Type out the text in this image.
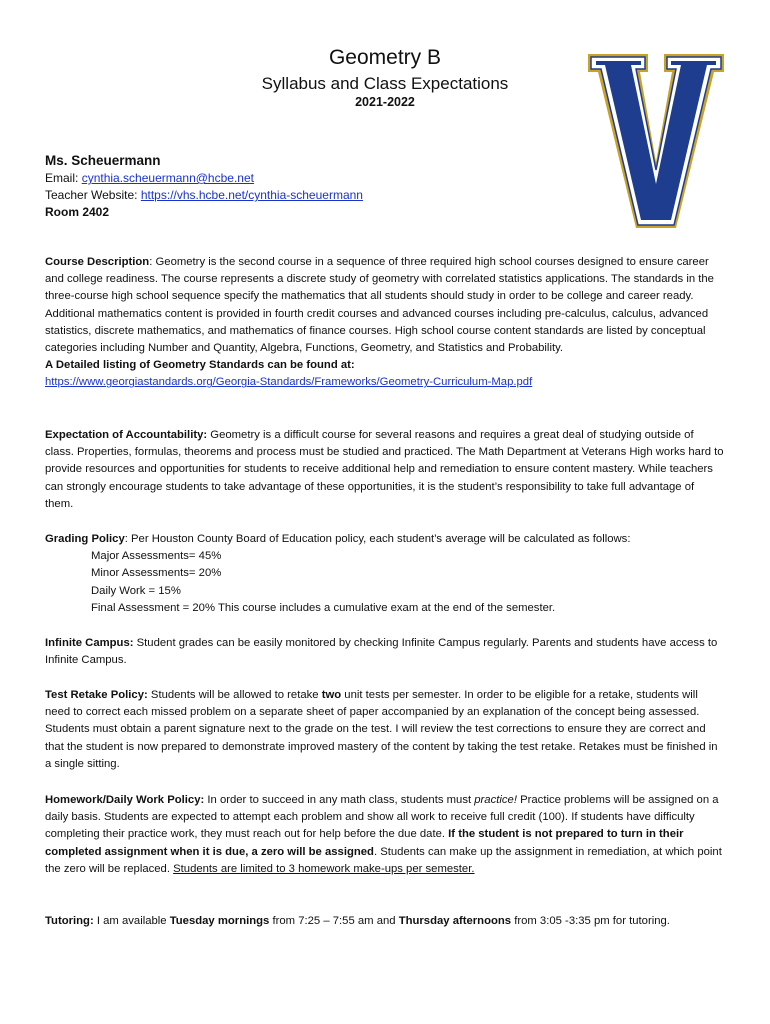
Geometry B
Syllabus and Class Expectations
2021-2022
Ms. Scheuermann
Email: cynthia.scheuermann@hcbe.net
Teacher Website: https://vhs.hcbe.net/cynthia-scheuermann
Room 2402

Course Description: Geometry is the second course in a sequence of three required high school courses designed to ensure career and college readiness. The course represents a discrete study of geometry with correlated statistics applications. The standards in the three-course high school sequence specify the mathematics that all students should study in order to be college and career ready. Additional mathematics content is provided in fourth credit courses and advanced courses including pre-calculus, calculus, advanced statistics, discrete mathematics, and mathematics of finance courses. High school course content standards are listed by conceptual categories including Number and Quantity, Algebra, Functions, Geometry, and Statistics and Probability.
A Detailed listing of Geometry Standards can be found at:
https://www.georgiastandards.org/Georgia-Standards/Frameworks/Geometry-Curriculum-Map.pdf

Expectation of Accountability: Geometry is a difficult course for several reasons and requires a great deal of studying outside of class. Properties, formulas, theorems and process must be studied and practiced. The Math Department at Veterans High works hard to provide resources and opportunities for students to receive additional help and remediation to ensure content mastery. While teachers can strongly encourage students to take advantage of these opportunities, it is the student’s responsibility to take full advantage of them.

Grading Policy: Per Houston County Board of Education policy, each student’s average will be calculated as follows:
Major Assessments= 45%
Minor Assessments= 20%
Daily Work = 15%
Final Assessment = 20% This course includes a cumulative exam at the end of the semester.

Infinite Campus: Student grades can be easily monitored by checking Infinite Campus regularly. Parents and students have access to Infinite Campus.

Test Retake Policy: Students will be allowed to retake two unit tests per semester. In order to be eligible for a retake, students will need to correct each missed problem on a separate sheet of paper accompanied by an explanation of the concept being assessed. Students must obtain a parent signature next to the grade on the test. I will review the test corrections to ensure they are correct and that the student is now prepared to demonstrate improved mastery of the content by taking the test retake. Retakes must be finished in a single sitting.

Homework/Daily Work Policy: In order to succeed in any math class, students must practice! Practice problems will be assigned on a daily basis. Students are expected to attempt each problem and show all work to receive full credit (100). If students have difficulty completing their practice work, they must reach out for help before the due date. If the student is not prepared to turn in their completed assignment when it is due, a zero will be assigned. Students can make up the assignment in remediation, at which point the zero will be replaced. Students are limited to 3 homework make-ups per semester.

Tutoring: I am available Tuesday mornings from 7:25 – 7:55 am and Thursday afternoons from 3:05 -3:35 pm for tutoring.
